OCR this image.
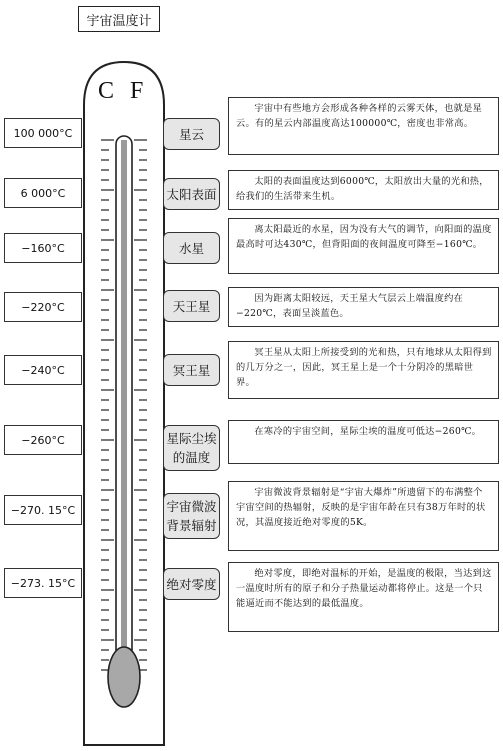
宇宙温度计
C F
100 000°C	星云
宇宙中有些地方会形成各种各样的云雾天体，也就是星云。有的星云内部温度高达100000℃，密度也非常高。
6 000°C	太阳表面
太阳的表面温度达到6000℃，太阳放出大量的光和热，给我们的生活带来生机。
−160°C	水星
离太阳最近的水星，因为没有大气的调节，向阳面的温度最高时可达430℃，但背阳面的夜间温度可降至−160℃。
−220°C	天王星	因为距离太阳较远，天王星大气层云上端温度约在−220℃，表面呈淡蓝色。
−240°C	冥王星
冥王星从太阳上所接受到的光和热，只有地球从太阳得到的几万分之一，因此，冥王星上是一个十分阴冷的黑暗世界。
−260°C	星际尘埃的温度
在寒冷的宇宙空间，星际尘埃的温度可低达−260℃。
−270. 15°C	宇宙微波背景辐射
宇宙微波背景辐射是“宇宙大爆炸”所遗留下的布满整个宇宙空间的热辐射，反映的是宇宙年龄在只有38万年时的状况，其温度接近绝对零度的5K。
−273. 15°C	绝对零度
绝对零度，即绝对温标的开始，是温度的极限，当达到这一温度时所有的原子和分子热量运动都将停止。这是一个只能逼近而不能达到的最低温度。
